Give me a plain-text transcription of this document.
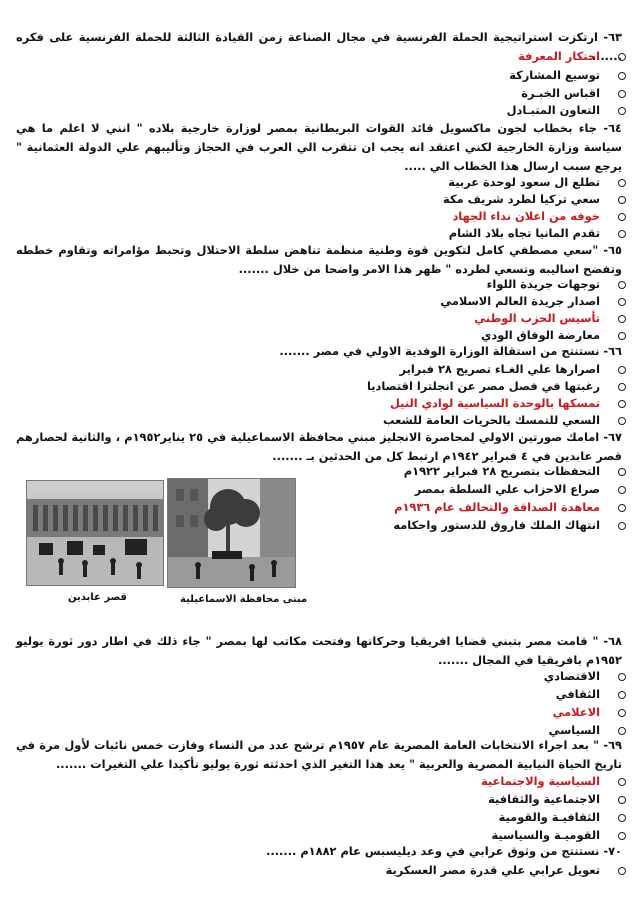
٦٣- ارتكزت استراتيجية الحملة الفرنسية في مجال الصناعة زمن القيادة الثالثة للحملة الفرنسية على فكره .......
احتكار المعرفة
توسيع المشاركة
اقباس الخبـرة
التعاون المتبـادل
٦٤- جاء بخطاب لجون ماكسويل قائد القوات البريطانية بمصر لوزارة خارجية بلاده " انني لا اعلم ما هي سياسة وزارة الخارجية لكني اعتقد انه يجب ان تتقرب الي العرب في الحجاز وتأليبهم علي الدولة العثمانية " يرجع سبب ارسال هذا الخطاب الي .....
تطلع ال سعود لوحدة عربية
سعي تركيا لطرد شريف مكة
خوفه من اعلان نداء الجهاد
تقدم المانيا تجاه بلاد الشام
٦٥- "سعي مصطفي كامل لتكوين قوة وطنية منظمة تناهض سلطة الاحتلال وتحبط مؤامراته وتقاوم خططه وتفضح اساليبه وتسعي لطرده " ظهر هذا الامر واضحا من خلال .......
توجهات جريدة اللواء
اصدار جريدة العالم الاسلامي
تأسيس الحزب الوطني
معارضة الوفاق الودي
٦٦- نستنتج من استقالة الوزارة الوفدية الاولي في مصر .......
اصرارها علي الغـاء تصريح ٢٨ فبراير
رغبتها في فصل مصر عن انجلترا اقتصاديا
تمسكها بالوحدة السياسية لوادي النيل
السعي للتمسك بالحريات العامة للشعب
٦٧- امامك صورتين الاولي لمحاصرة الانجليز مبني محافظة الاسماعيلية في ٢٥ يناير١٩٥٢م ، والثانية لحصارهم قصر عابدين في ٤ فبراير ١٩٤٢م ارتبط كل من الحدثين بـ .......
التحفظات بتصريح ٢٨ فبراير ١٩٢٢م
صراع الاحزاب علي السلطة بمصر
معاهدة الصداقة والتحالف عام ١٩٣٦م
انتهاك الملك فاروق للدستور واحكامه
قصر عابدين	مبنى محافظة الاسماعيلية
٦٨- " قامت مصر بتبني قضايا افريقيا وحركاتها وفتحت مكاتب لها بمصر " جاء ذلك في اطار دور ثورة يوليو ١٩٥٢م بافريقيا في المجال .......
الاقتصادي
الثقافي
الاعلامي
السياسي
٦٩- " بعد اجراء الانتخابات العامة المصرية عام ١٩٥٧م ترشح عدد من النساء وفازت خمس نائبات لأول مرة في تاريخ الحياة النيابية المصرية والعربية " يعد هذا التغير الذي احدثته ثورة يوليو تأكيدا علي التغيرات .......
السياسية والاجتماعية
الاجتماعية والثقافية
الثقافيـة والقومية
القوميـة والسياسية
٧٠- نستنتج من وثوق عرابي في وعد ديليسبس عام ١٨٨٢م .......
تعويل عرابي علي قدرة مصر العسكرية
